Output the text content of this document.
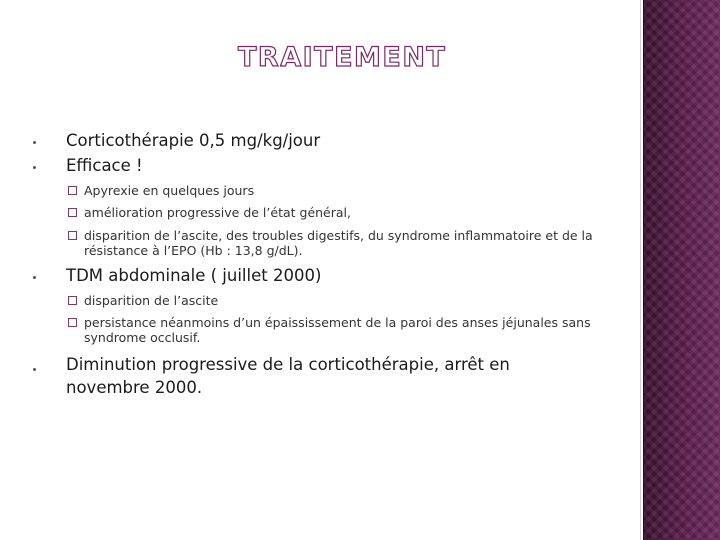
TRAITEMENT
Corticothérapie 0,5 mg/kg/jour
Efficace !
Apyrexie en quelques jours
amélioration progressive de l’état général,
disparition de l’ascite, des troubles digestifs, du syndrome inflammatoire et de la résistance à l’EPO (Hb : 13,8 g/dL).
TDM abdominale ( juillet 2000)
disparition de l’ascite
persistance néanmoins d’un épaississement de la paroi des anses jéjunales sans syndrome occlusif.
Diminution progressive de la corticothérapie, arrêt en novembre 2000.
